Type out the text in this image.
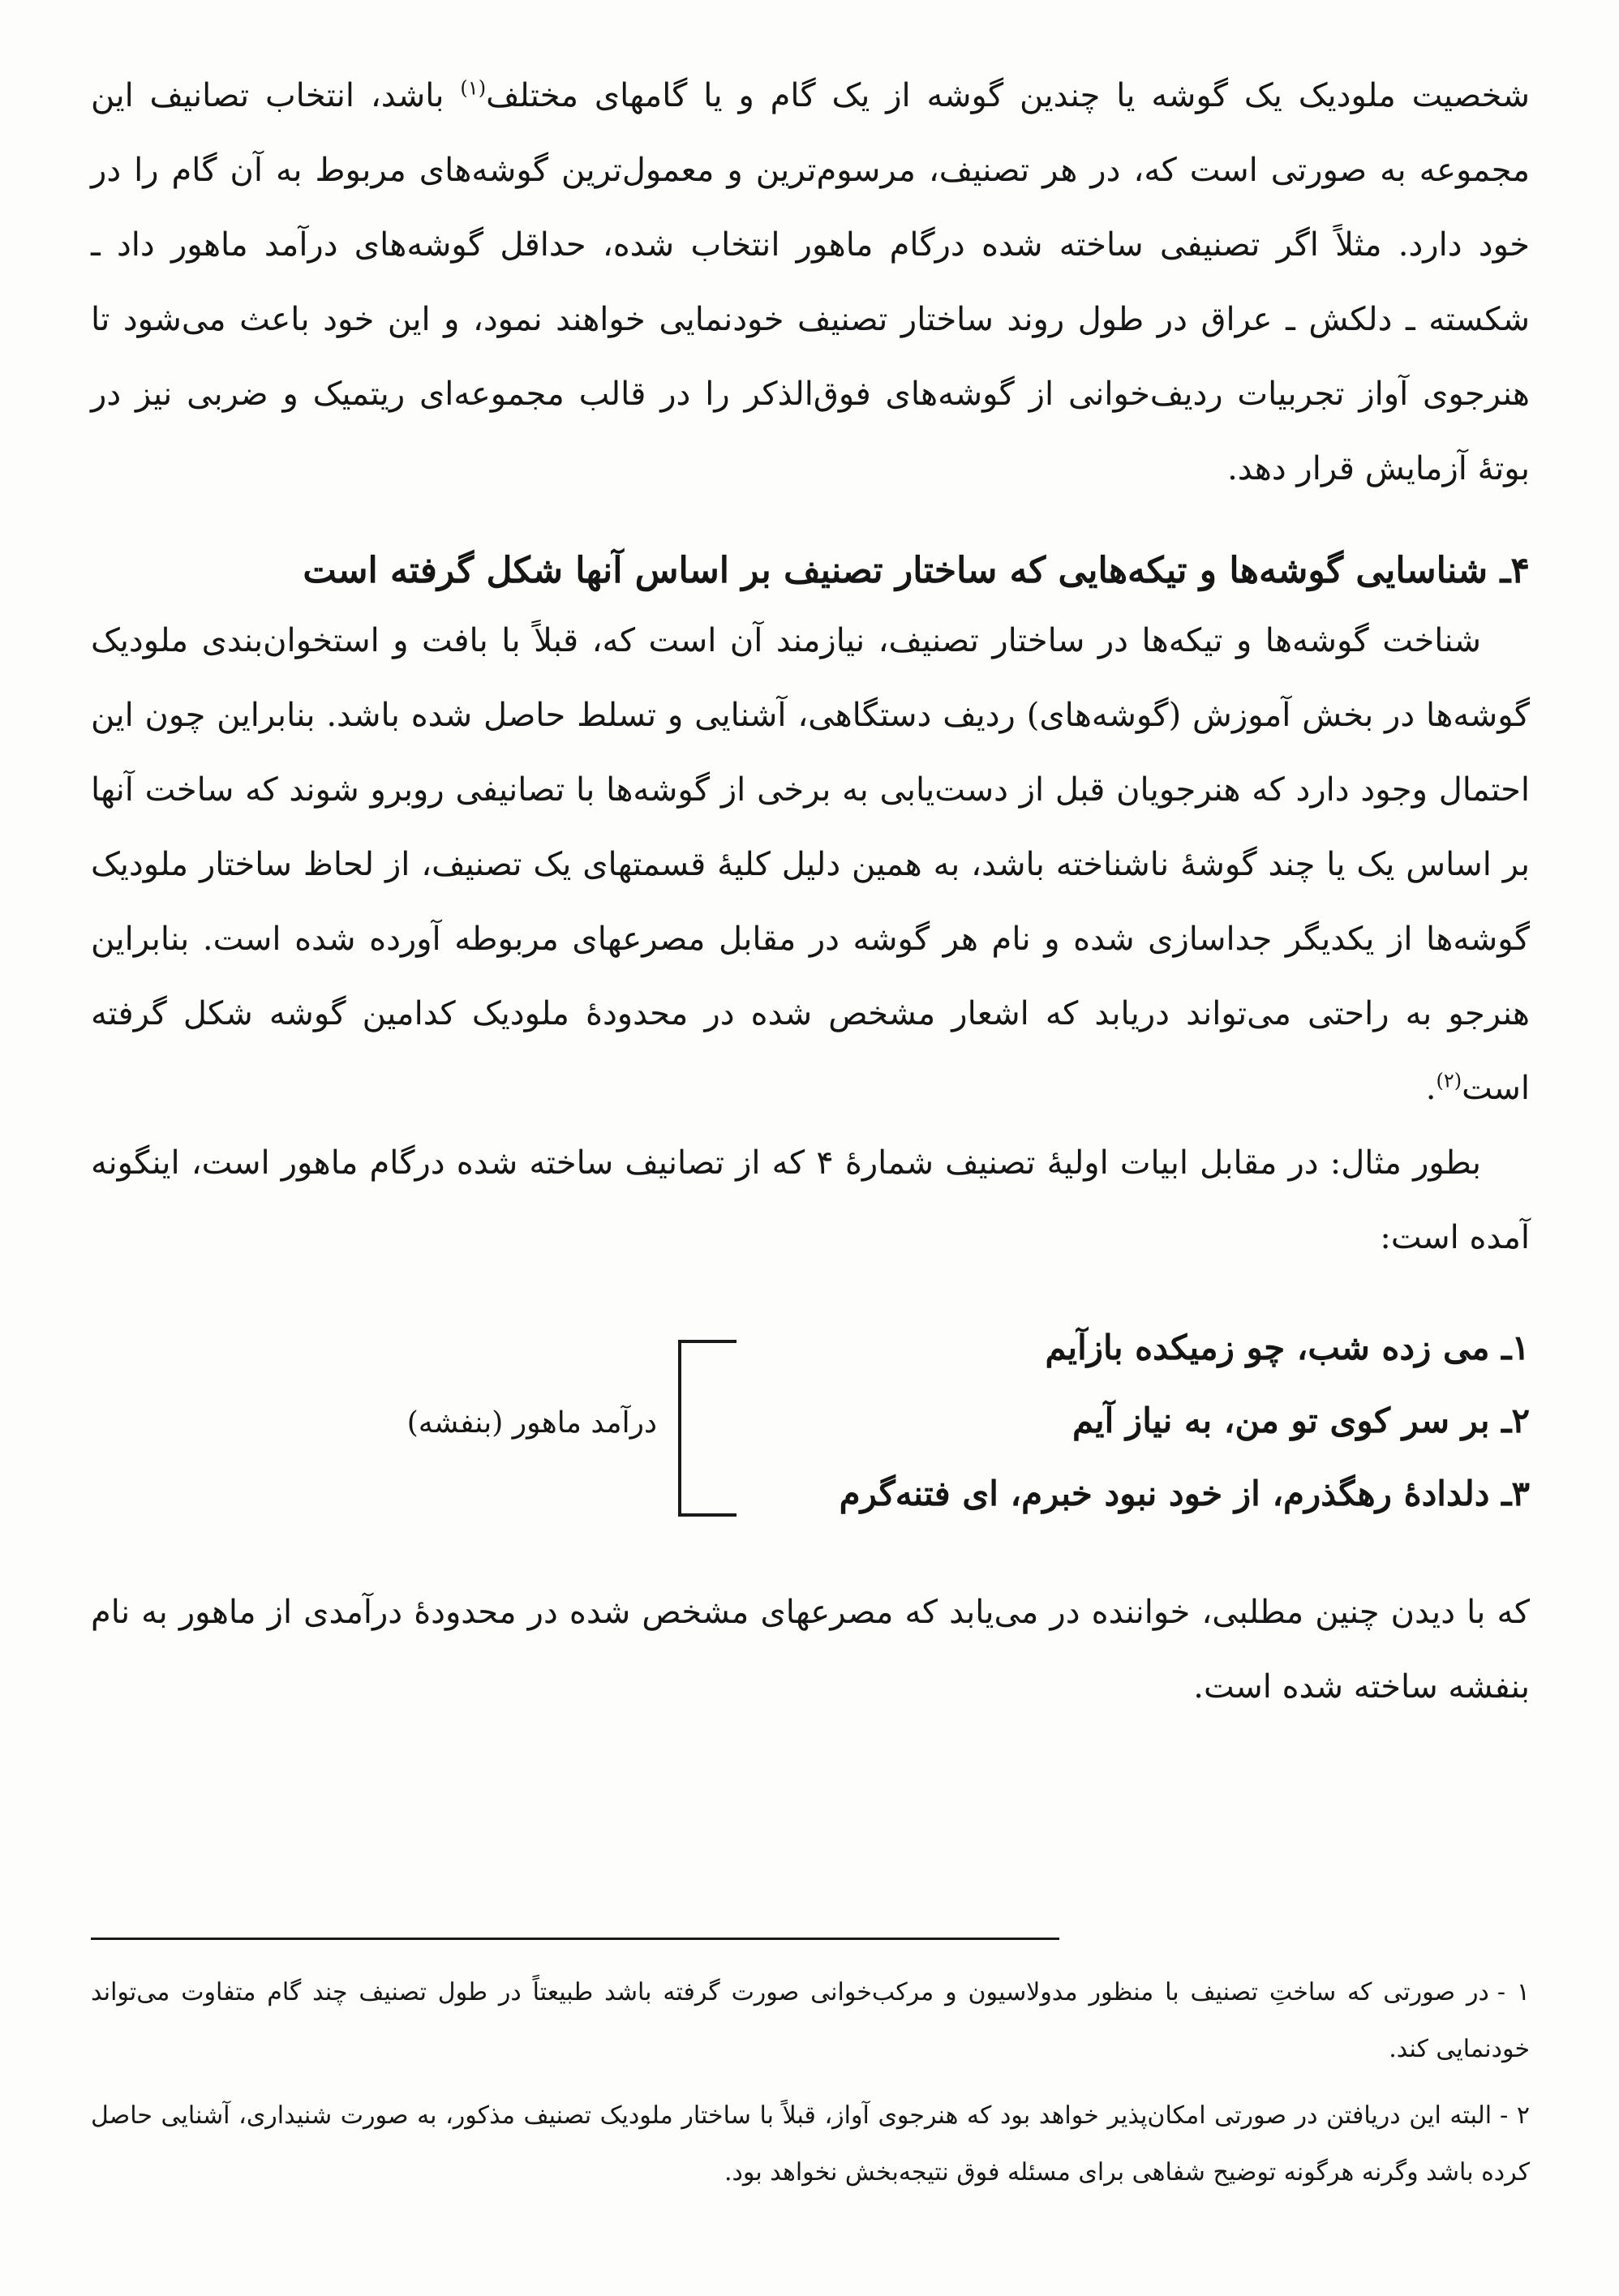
شخصیت ملودیک یک گوشه یا چندین گوشه از یک گام و یا گامهای مختلف$^{(۱)}$ باشد، انتخاب تصانیف این مجموعه به صورتی است که، در هر تصنیف، مرسوم‌ترین و معمول‌ترین گوشه‌های مربوط به آن گام را در خود دارد. مثلاً اگر تصنیفی ساخته شده درگام ماهور انتخاب شده، حداقل گوشه‌های درآمد ماهور داد ـ شکسته ـ دلکش ـ عراق در طول روند ساختار تصنیف خودنمایی خواهند نمود، و این خود باعث می‌شود تا هنرجوی آواز تجربیات ردیف‌خوانی از گوشه‌های فوق‌الذکر را در قالب مجموعه‌ای ریتمیک و ضربی نیز در بوتهٔ آزمایش قرار دهد.

۴ـ شناسایی گوشه‌ها و تیکه‌هایی که ساختار تصنیف بر اساس آنها شکل گرفته است

شناخت گوشه‌ها و تیکه‌ها در ساختار تصنیف، نیازمند آن است که، قبلاً با بافت و استخوان‌بندی ملودیک گوشه‌ها در بخش آموزش (گوشه‌های) ردیف دستگاهی، آشنایی و تسلط حاصل شده باشد. بنابراین چون این احتمال وجود دارد که هنرجویان قبل از دست‌یابی به برخی از گوشه‌ها با تصانیفی روبرو شوند که ساخت آنها بر اساس یک یا چند گوشهٔ ناشناخته باشد، به همین دلیل کلیهٔ قسمتهای یک تصنیف، از لحاظ ساختار ملودیک گوشه‌ها از یکدیگر جداسازی شده و نام هر گوشه در مقابل مصرعهای مربوطه آورده شده است. بنابراین هنرجو به راحتی می‌تواند دریابد که اشعار مشخص شده در محدودهٔ ملودیک کدامین گوشه شکل گرفته است$^{(۲)}$.

بطور مثال: در مقابل ابیات اولیهٔ تصنیف شمارهٔ ۴ که از تصانیف ساخته شده درگام ماهور است، اینگونه آمده است:

۱ـ می زده شب، چو زمیکده بازآیم
۲ـ بر سر کوی تو من، به نیاز آیم
۳ـ دلدادهٔ رهگذرم، از خود نبود خبرم، ای فتنه‌گرم
درآمد ماهور (بنفشه)

که با دیدن چنین مطلبی، خواننده در می‌یابد که مصرعهای مشخص شده در محدودهٔ درآمدی از ماهور به نام بنفشه ساخته شده است.

۱ -در صورتی که ساختِ تصنیف با منظور مدولاسیون و مرکب‌خوانی صورت گرفته باشد طبیعتاً در طول تصنیف چند گام متفاوت می‌تواند خودنمایی کند.

۲ -البته این دریافتن در صورتی امکان‌پذیر خواهد بود که هنرجوی آواز، قبلاً با ساختار ملودیک تصنیف مذکور، به صورت شنیداری، آشنایی حاصل کرده باشد وگرنه هرگونه توضیح شفاهی برای مسئله فوق نتیجه‌بخش نخواهد بود.
